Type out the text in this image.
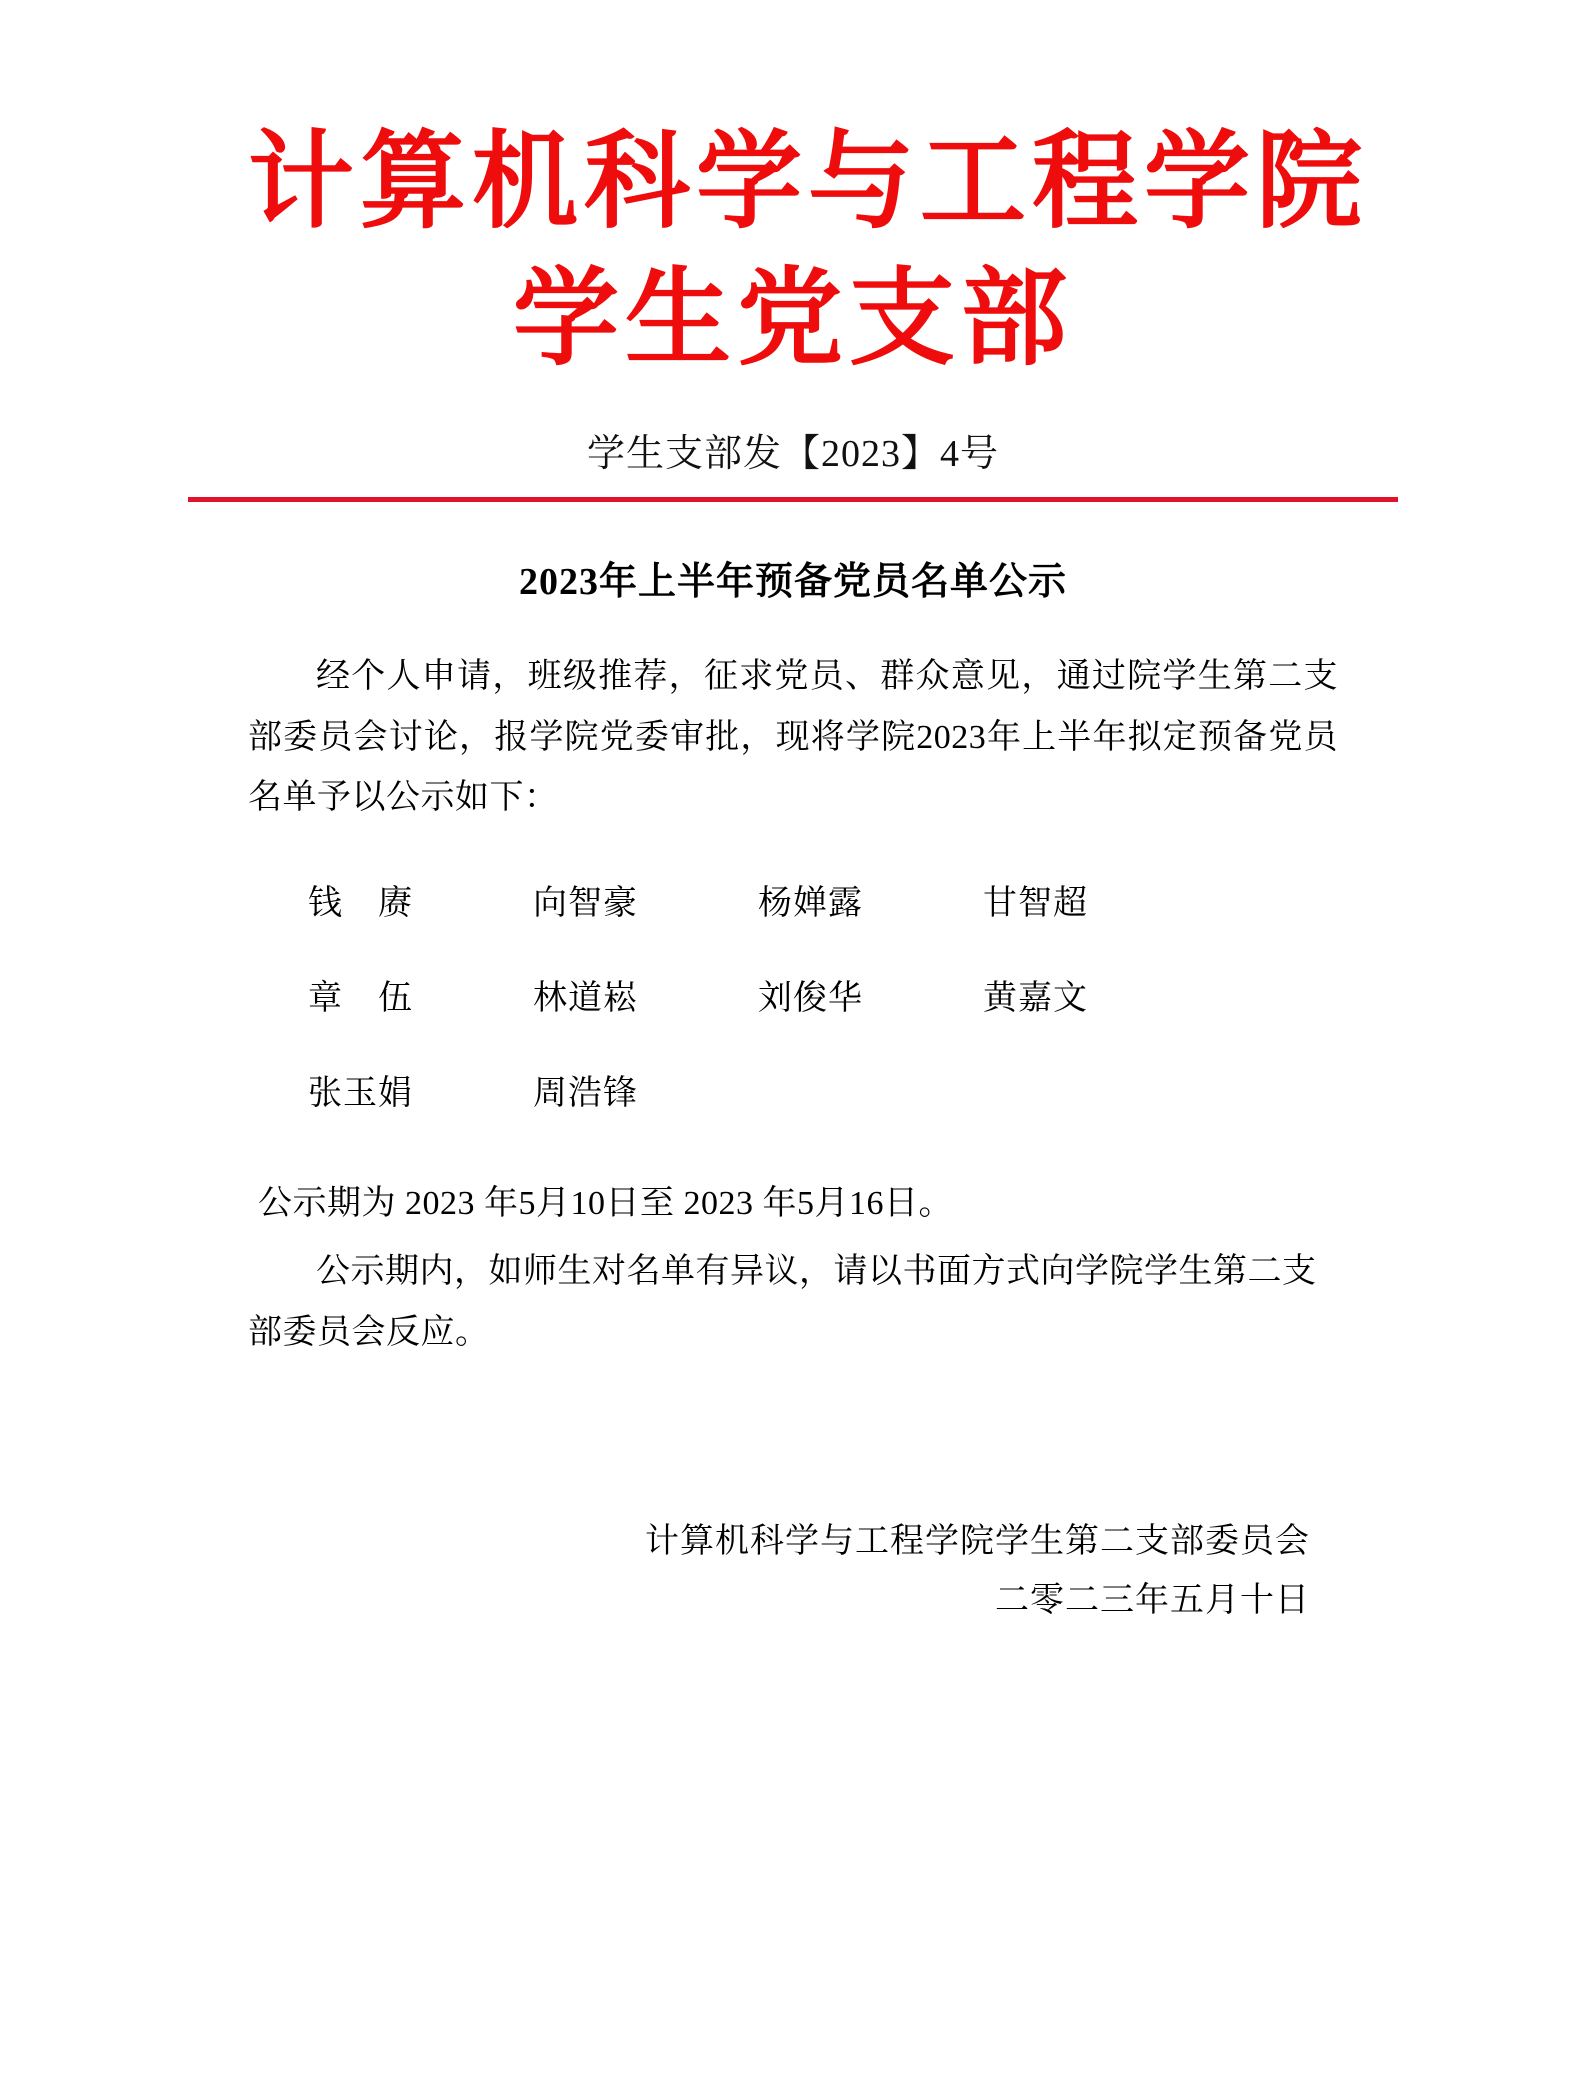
计算机科学与工程学院
学生党支部
学生支部发【2023】4号
2023年上半年预备党员名单公示
经个人申请，班级推荐，征求党员、群众意见，通过院学生第二支部委员会讨论，报学院党委审批，现将学院2023年上半年拟定预备党员名单予以公示如下：
钱　赓	向智豪	杨婵露	甘智超
章　伍	林道崧	刘俊华	黄嘉文
张玉娟	周浩锋

公示期为 2023 年5月10日至 2023 年5月16日。

公示期内，如师生对名单有异议，请以书面方式向学院学生第二支部委员会反应。

计算机科学与工程学院学生第二支部委员会
二零二三年五月十日
